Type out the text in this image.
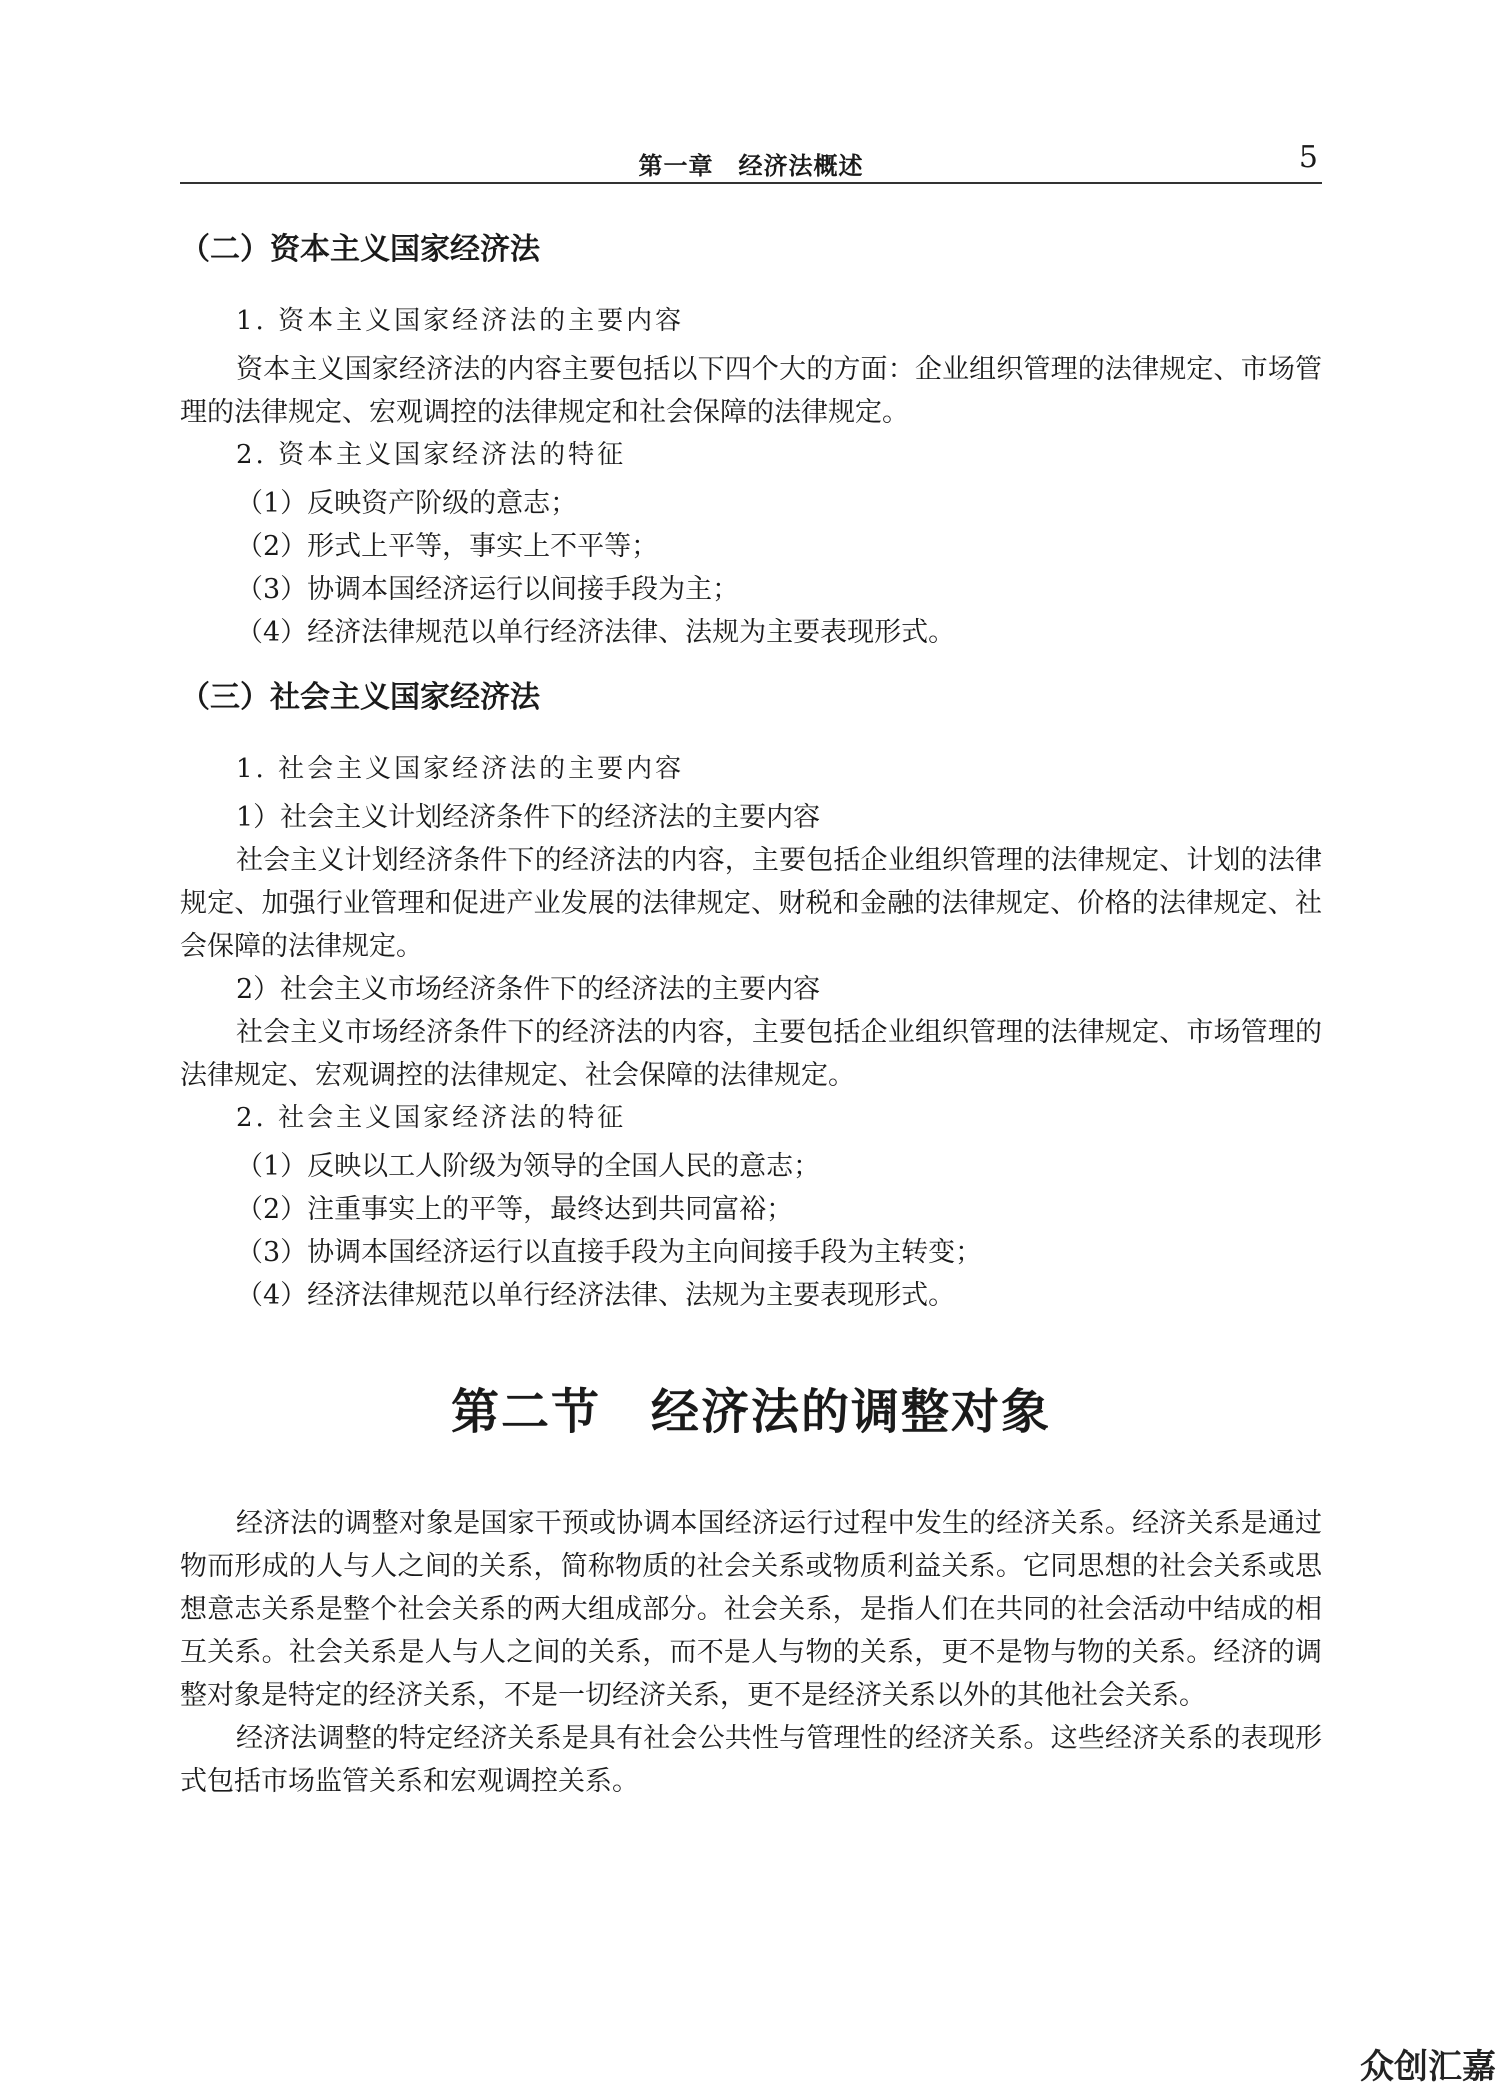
第一章　经济法概述	5
（二）资本主义国家经济法
1. 资本主义国家经济法的主要内容

资本主义国家经济法的内容主要包括以下四个大的方面：企业组织管理的法律规定、市场管理的法律规定、宏观调控的法律规定和社会保障的法律规定。

2. 资本主义国家经济法的特征
（1）反映资产阶级的意志；
（2）形式上平等，事实上不平等；
（3）协调本国经济运行以间接手段为主；
（4）经济法律规范以单行经济法律、法规为主要表现形式。
（三）社会主义国家经济法
1. 社会主义国家经济法的主要内容
1）社会主义计划经济条件下的经济法的主要内容

社会主义计划经济条件下的经济法的内容，主要包括企业组织管理的法律规定、计划的法律规定、加强行业管理和促进产业发展的法律规定、财税和金融的法律规定、价格的法律规定、社会保障的法律规定。

2）社会主义市场经济条件下的经济法的主要内容

社会主义市场经济条件下的经济法的内容，主要包括企业组织管理的法律规定、市场管理的法律规定、宏观调控的法律规定、社会保障的法律规定。

2. 社会主义国家经济法的特征
（1）反映以工人阶级为领导的全国人民的意志；
（2）注重事实上的平等，最终达到共同富裕；
（3）协调本国经济运行以直接手段为主向间接手段为主转变；
（4）经济法律规范以单行经济法律、法规为主要表现形式。
第二节　经济法的调整对象

经济法的调整对象是国家干预或协调本国经济运行过程中发生的经济关系。经济关系是通过物而形成的人与人之间的关系，简称物质的社会关系或物质利益关系。它同思想的社会关系或思想意志关系是整个社会关系的两大组成部分。社会关系，是指人们在共同的社会活动中结成的相互关系。社会关系是人与人之间的关系，而不是人与物的关系，更不是物与物的关系。经济的调整对象是特定的经济关系，不是一切经济关系，更不是经济关系以外的其他社会关系。

经济法调整的特定经济关系是具有社会公共性与管理性的经济关系。这些经济关系的表现形式包括市场监管关系和宏观调控关系。

众创汇嘉
